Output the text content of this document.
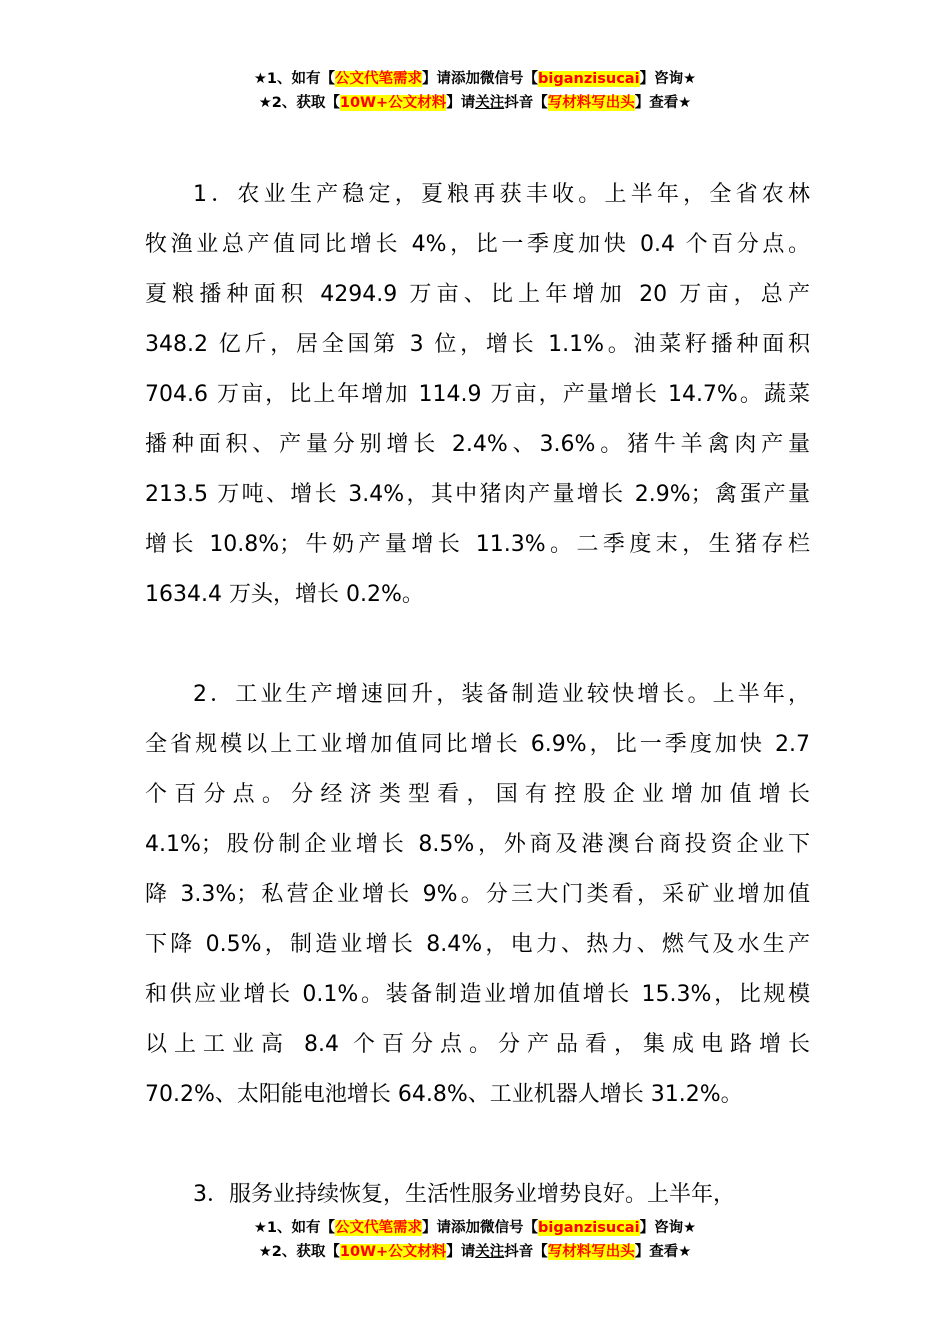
★1、如有【公文代笔需求】请添加微信号【biganzisucai】咨询★
★2、获取【10W+公文材料】请关注抖音【写材料写出头】查看★
1．农业生产稳定，夏粮再获丰收。上半年，全省农林
牧渔业总产值同比增长 4%，比一季度加快 0.4 个百分点。
夏粮播种面积 4294.9 万亩、比上年增加 20 万亩，总产
348.2 亿斤，居全国第 3 位，增长 1.1%。油菜籽播种面积
704.6 万亩，比上年增加 114.9 万亩，产量增长 14.7%。蔬菜
播种面积、产量分别增长 2.4%、3.6%。猪牛羊禽肉产量
213.5 万吨、增长 3.4%，其中猪肉产量增长 2.9%；禽蛋产量
增长 10.8%；牛奶产量增长 11.3%。二季度末，生猪存栏
1634.4 万头，增长 0.2%。
2．工业生产增速回升，装备制造业较快增长。上半年，
全省规模以上工业增加值同比增长 6.9%，比一季度加快 2.7
个百分点。分经济类型看，国有控股企业增加值增长
4.1%；股份制企业增长 8.5%，外商及港澳台商投资企业下
降 3.3%；私营企业增长 9%。分三大门类看，采矿业增加值
下降 0.5%，制造业增长 8.4%，电力、热力、燃气及水生产
和供应业增长 0.1%。装备制造业增加值增长 15.3%，比规模
以上工业高 8.4 个百分点。分产品看，集成电路增长
70.2%、太阳能电池增长 64.8%、工业机器人增长 31.2%。
3．服务业持续恢复，生活性服务业增势良好。上半年，
★1、如有【公文代笔需求】请添加微信号【biganzisucai】咨询★
★2、获取【10W+公文材料】请关注抖音【写材料写出头】查看★
